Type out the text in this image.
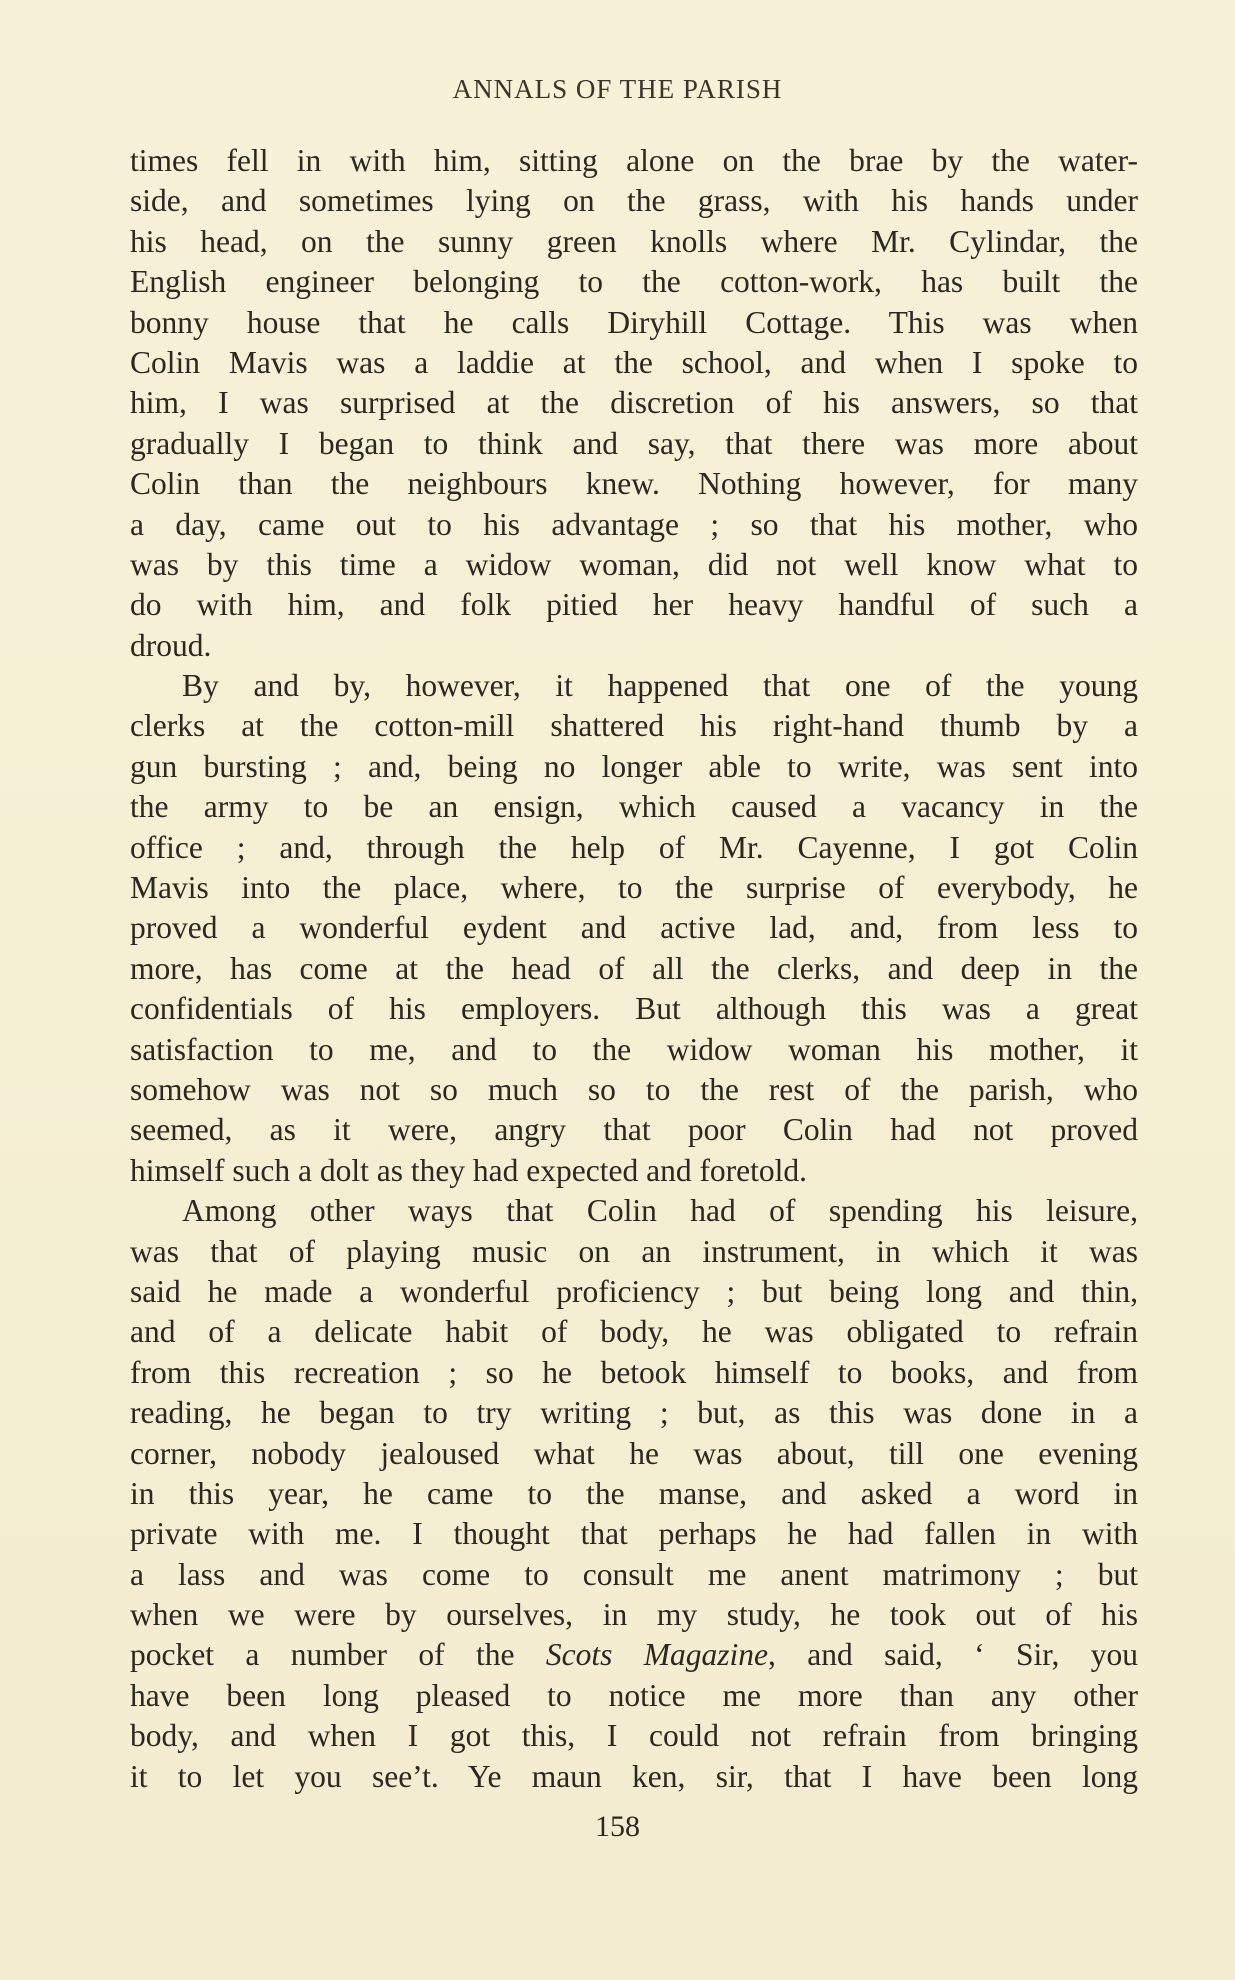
ANNALS OF THE PARISH
times fell in with him, sitting alone on the brae by the water-
side, and sometimes lying on the grass, with his hands under
his head, on the sunny green knolls where Mr. Cylindar, the
English engineer belonging to the cotton-work, has built the
bonny house that he calls Diryhill Cottage. This was when
Colin Mavis was a laddie at the school, and when I spoke to
him, I was surprised at the discretion of his answers, so that
gradually I began to think and say, that there was more about
Colin than the neighbours knew. Nothing however, for many
a day, came out to his advantage ; so that his mother, who
was by this time a widow woman, did not well know what to
do with him, and folk pitied her heavy handful of such a
droud.
By and by, however, it happened that one of the young
clerks at the cotton-mill shattered his right-hand thumb by a
gun bursting ; and, being no longer able to write, was sent into
the army to be an ensign, which caused a vacancy in the
office ; and, through the help of Mr. Cayenne, I got Colin
Mavis into the place, where, to the surprise of everybody, he
proved a wonderful eydent and active lad, and, from less to
more, has come at the head of all the clerks, and deep in the
confidentials of his employers. But although this was a great
satisfaction to me, and to the widow woman his mother, it
somehow was not so much so to the rest of the parish, who
seemed, as it were, angry that poor Colin had not proved
himself such a dolt as they had expected and foretold.
Among other ways that Colin had of spending his leisure,
was that of playing music on an instrument, in which it was
said he made a wonderful proficiency ; but being long and thin,
and of a delicate habit of body, he was obligated to refrain
from this recreation ; so he betook himself to books, and from
reading, he began to try writing ; but, as this was done in a
corner, nobody jealoused what he was about, till one evening
in this year, he came to the manse, and asked a word in
private with me. I thought that perhaps he had fallen in with
a lass and was come to consult me anent matrimony ; but
when we were by ourselves, in my study, he took out of his
pocket a number of the Scots Magazine, and said, ‘ Sir, you
have been long pleased to notice me more than any other
body, and when I got this, I could not refrain from bringing
it to let you see’t. Ye maun ken, sir, that I have been long
158
